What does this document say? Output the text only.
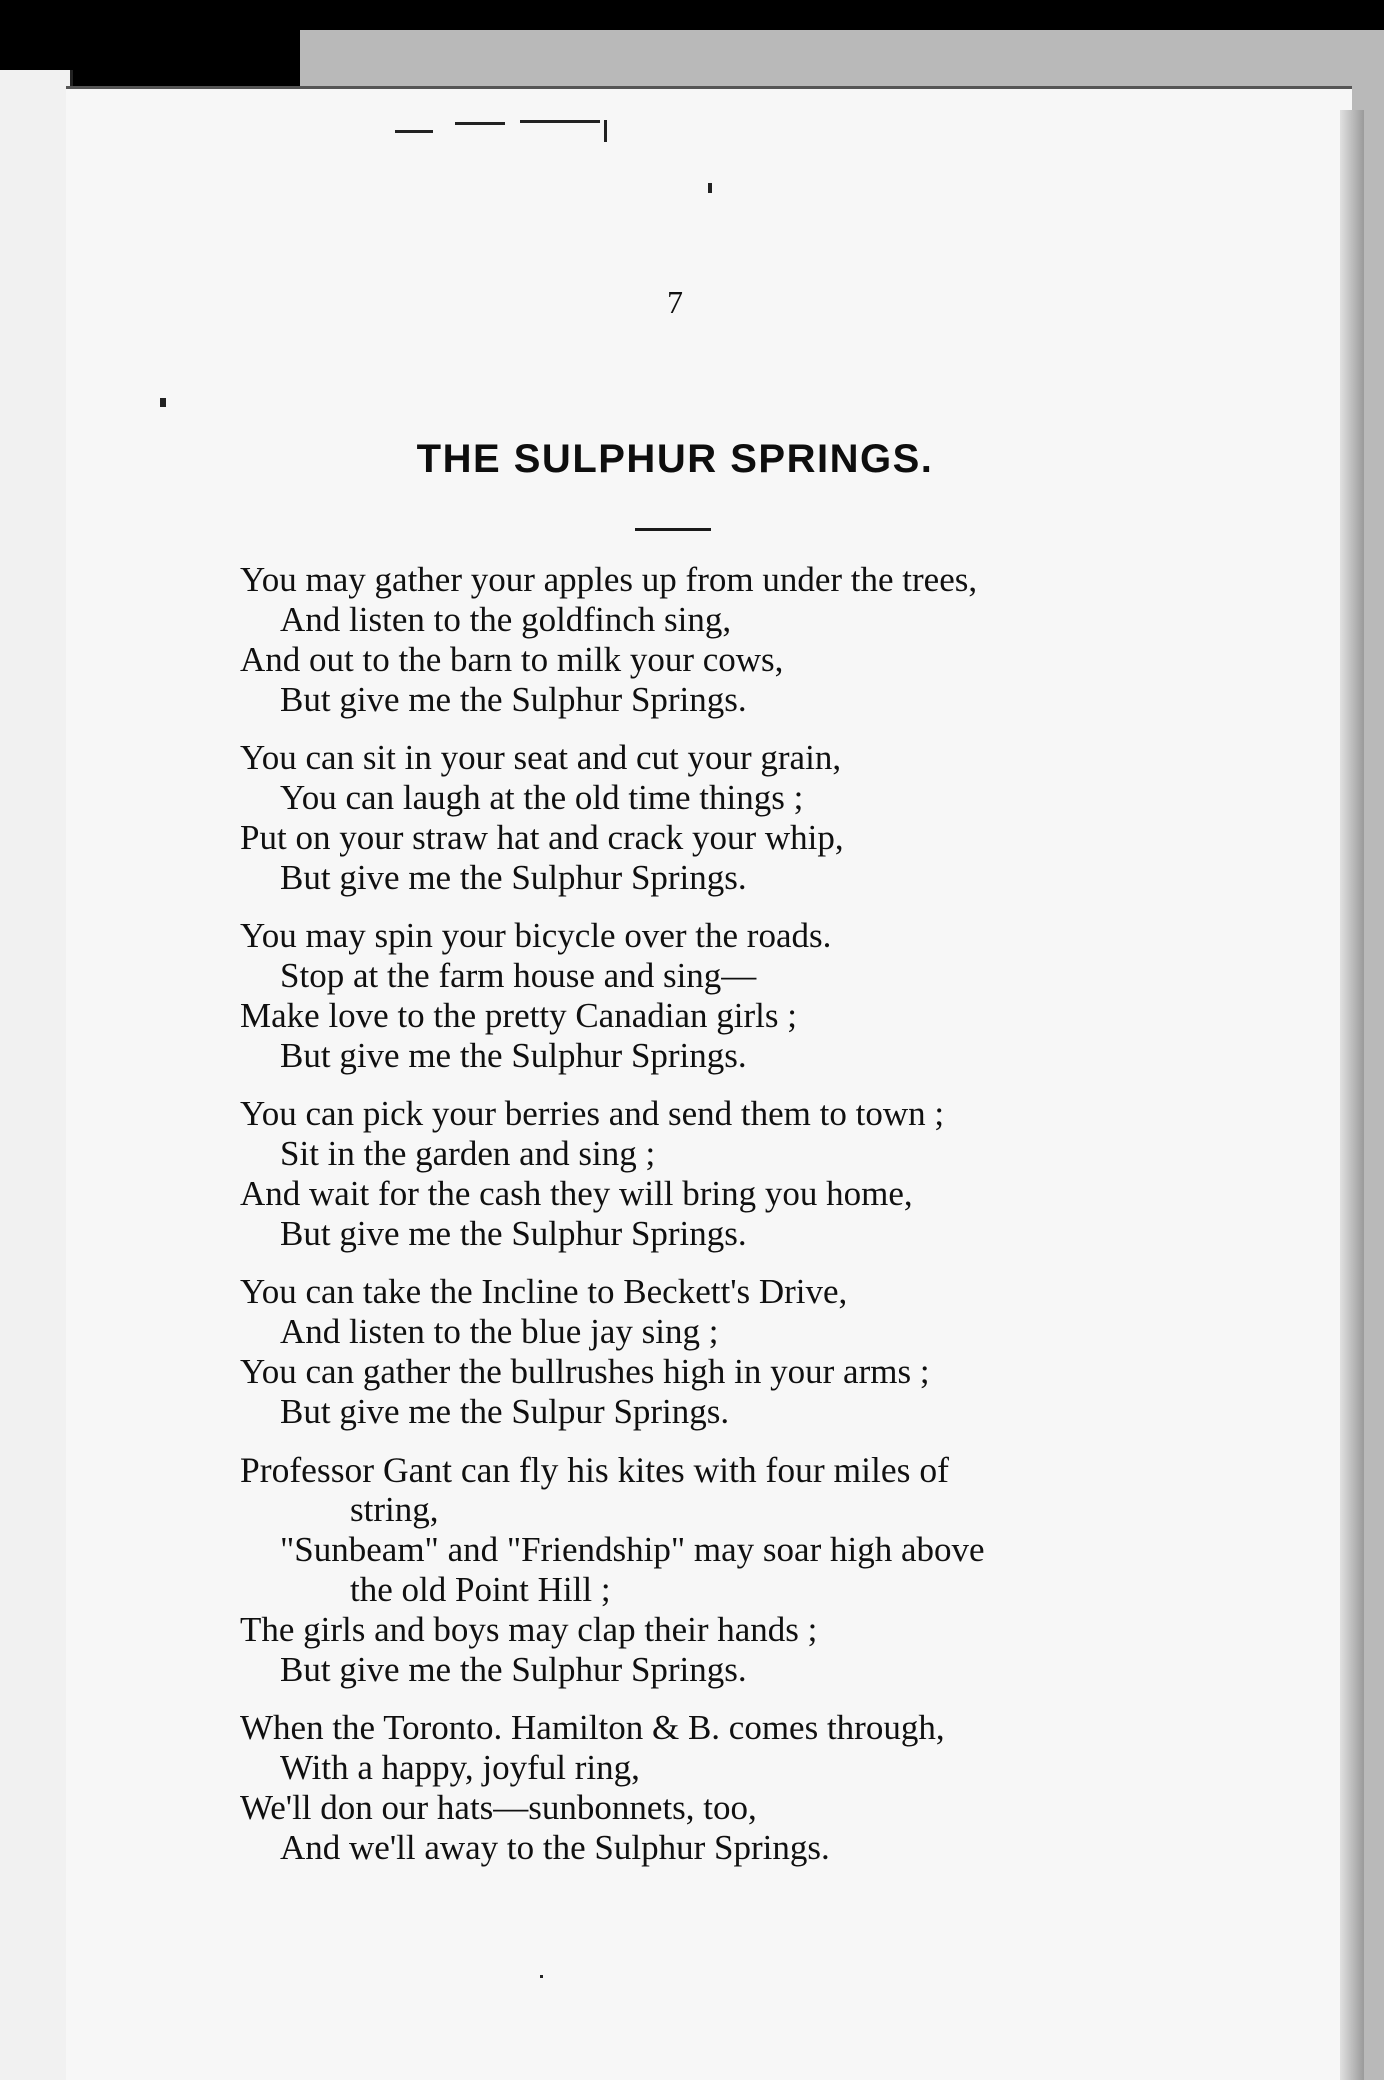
7
THE SULPHUR SPRINGS.
You may gather your apples up from under the trees,
And listen to the goldfinch sing,
And out to the barn to milk your cows,
But give me the Sulphur Springs.
You can sit in your seat and cut your grain,
You can laugh at the old time things ;
Put on your straw hat and crack your whip,
But give me the Sulphur Springs.
You may spin your bicycle over the roads.
Stop at the farm house and sing—
Make love to the pretty Canadian girls ;
But give me the Sulphur Springs.
You can pick your berries and send them to town ;
Sit in the garden and sing ;
And wait for the cash they will bring you home,
But give me the Sulphur Springs.
You can take the Incline to Beckett's Drive,
And listen to the blue jay sing ;
You can gather the bullrushes high in your arms ;
But give me the Sulpur Springs.
Professor Gant can fly his kites with four miles of
string,
"Sunbeam" and "Friendship" may soar high above
the old Point Hill ;
The girls and boys may clap their hands ;
But give me the Sulphur Springs.
When the Toronto. Hamilton & B. comes through,
With a happy, joyful ring,
We'll don our hats—sunbonnets, too,
And we'll away to the Sulphur Springs.
